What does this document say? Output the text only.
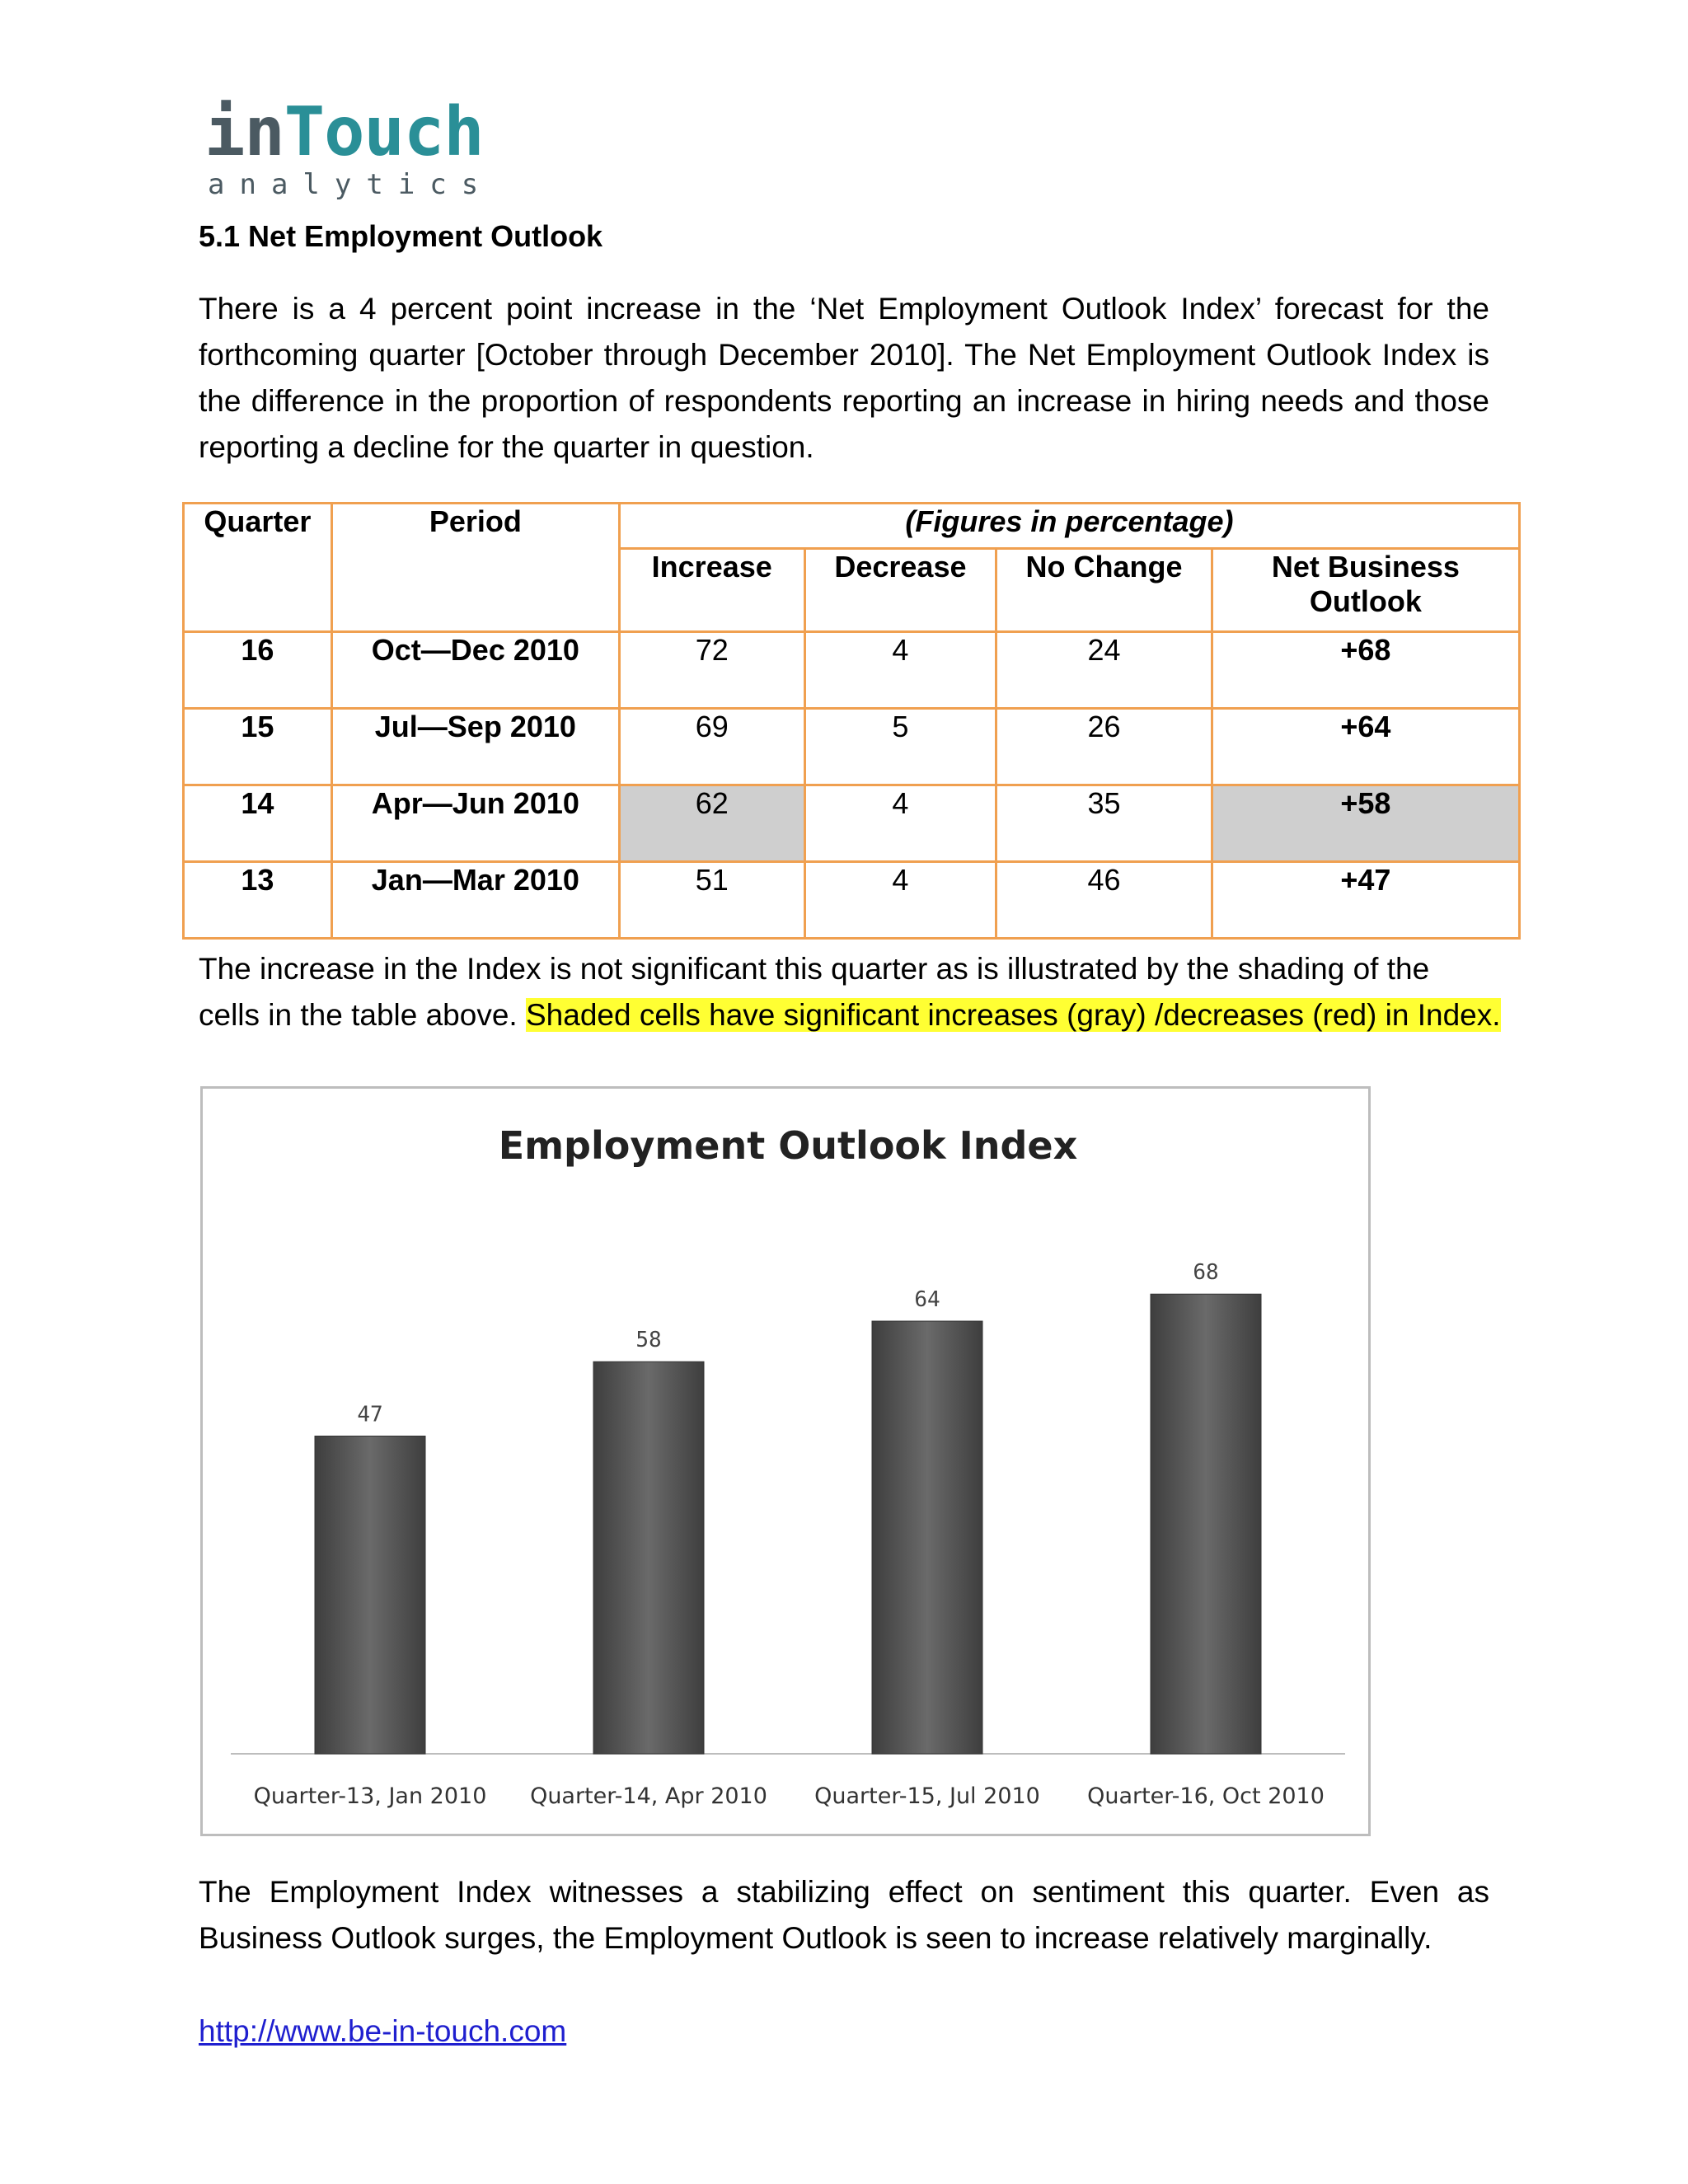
inTouch
analytics
5.1 Net Employment Outlook
There is a 4 percent point increase in the ‘Net Employment Outlook Index’ forecast for the
forthcoming quarter [October through December 2010]. The Net Employment Outlook Index is
the difference in the proportion of respondents reporting an increase in hiring needs and those
reporting a decline for the quarter in question.
Quarter	Period	(Figures in percentage)			
		Increase	Decrease	No Change	Net Business
Outlook
16	Oct—Dec 2010	72	4	24	+68
15	Jul—Sep 2010	69	5	26	+64
14	Apr—Jun 2010	62	4	35	+58
13	Jan—Mar 2010	51	4	46	+47
The increase in the Index is not significant this quarter as is illustrated by the shading of the
cells in the table above. Shaded cells have significant increases (gray) /decreases (red) in Index.
Employment Outlook Index
47
Quarter-13, Jan 2010
58
Quarter-14, Apr 2010
64
Quarter-15, Jul 2010
68
Quarter-16, Oct 2010
The Employment Index witnesses a stabilizing effect on sentiment this quarter. Even as
Business Outlook surges, the Employment Outlook is seen to increase relatively marginally.
http://www.be-in-touch.com
